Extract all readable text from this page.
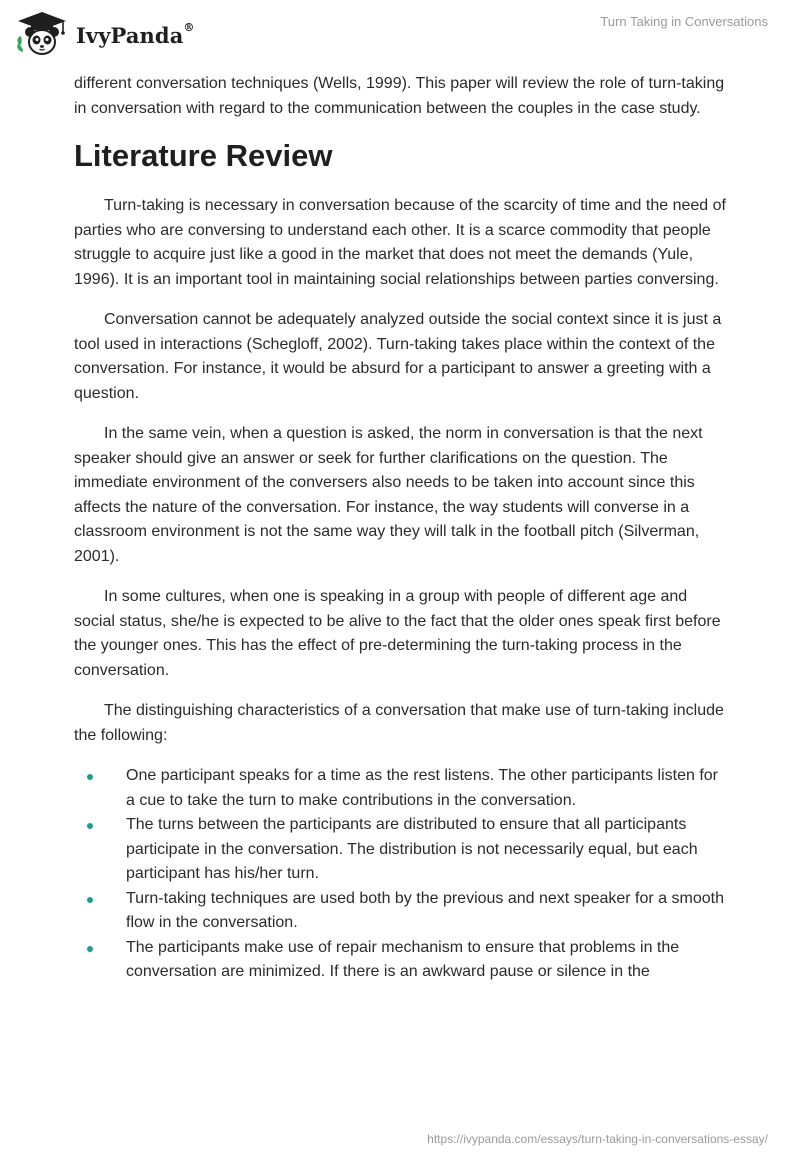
IvyPanda®	Turn Taking in Conversations

different conversation techniques (Wells, 1999). This paper will review the role of turn-taking in conversation with regard to the communication between the couples in the case study.

Literature Review

Turn-taking is necessary in conversation because of the scarcity of time and the need of parties who are conversing to understand each other. It is a scarce commodity that people struggle to acquire just like a good in the market that does not meet the demands (Yule, 1996). It is an important tool in maintaining social relationships between parties conversing.

Conversation cannot be adequately analyzed outside the social context since it is just a tool used in interactions (Schegloff, 2002). Turn-taking takes place within the context of the conversation. For instance, it would be absurd for a participant to answer a greeting with a question.

In the same vein, when a question is asked, the norm in conversation is that the next speaker should give an answer or seek for further clarifications on the question. The immediate environment of the conversers also needs to be taken into account since this affects the nature of the conversation. For instance, the way students will converse in a classroom environment is not the same way they will talk in the football pitch (Silverman, 2001).

In some cultures, when one is speaking in a group with people of different age and social status, she/he is expected to be alive to the fact that the older ones speak first before the younger ones. This has the effect of pre-determining the turn-taking process in the conversation.

The distinguishing characteristics of a conversation that make use of turn-taking include the following:

One participant speaks for a time as the rest listens. The other participants listen for a cue to take the turn to make contributions in the conversation.
The turns between the participants are distributed to ensure that all participants participate in the conversation. The distribution is not necessarily equal, but each participant has his/her turn.
Turn-taking techniques are used both by the previous and next speaker for a smooth flow in the conversation.
The participants make use of repair mechanism to ensure that problems in the conversation are minimized. If there is an awkward pause or silence in the
https://ivypanda.com/essays/turn-taking-in-conversations-essay/
